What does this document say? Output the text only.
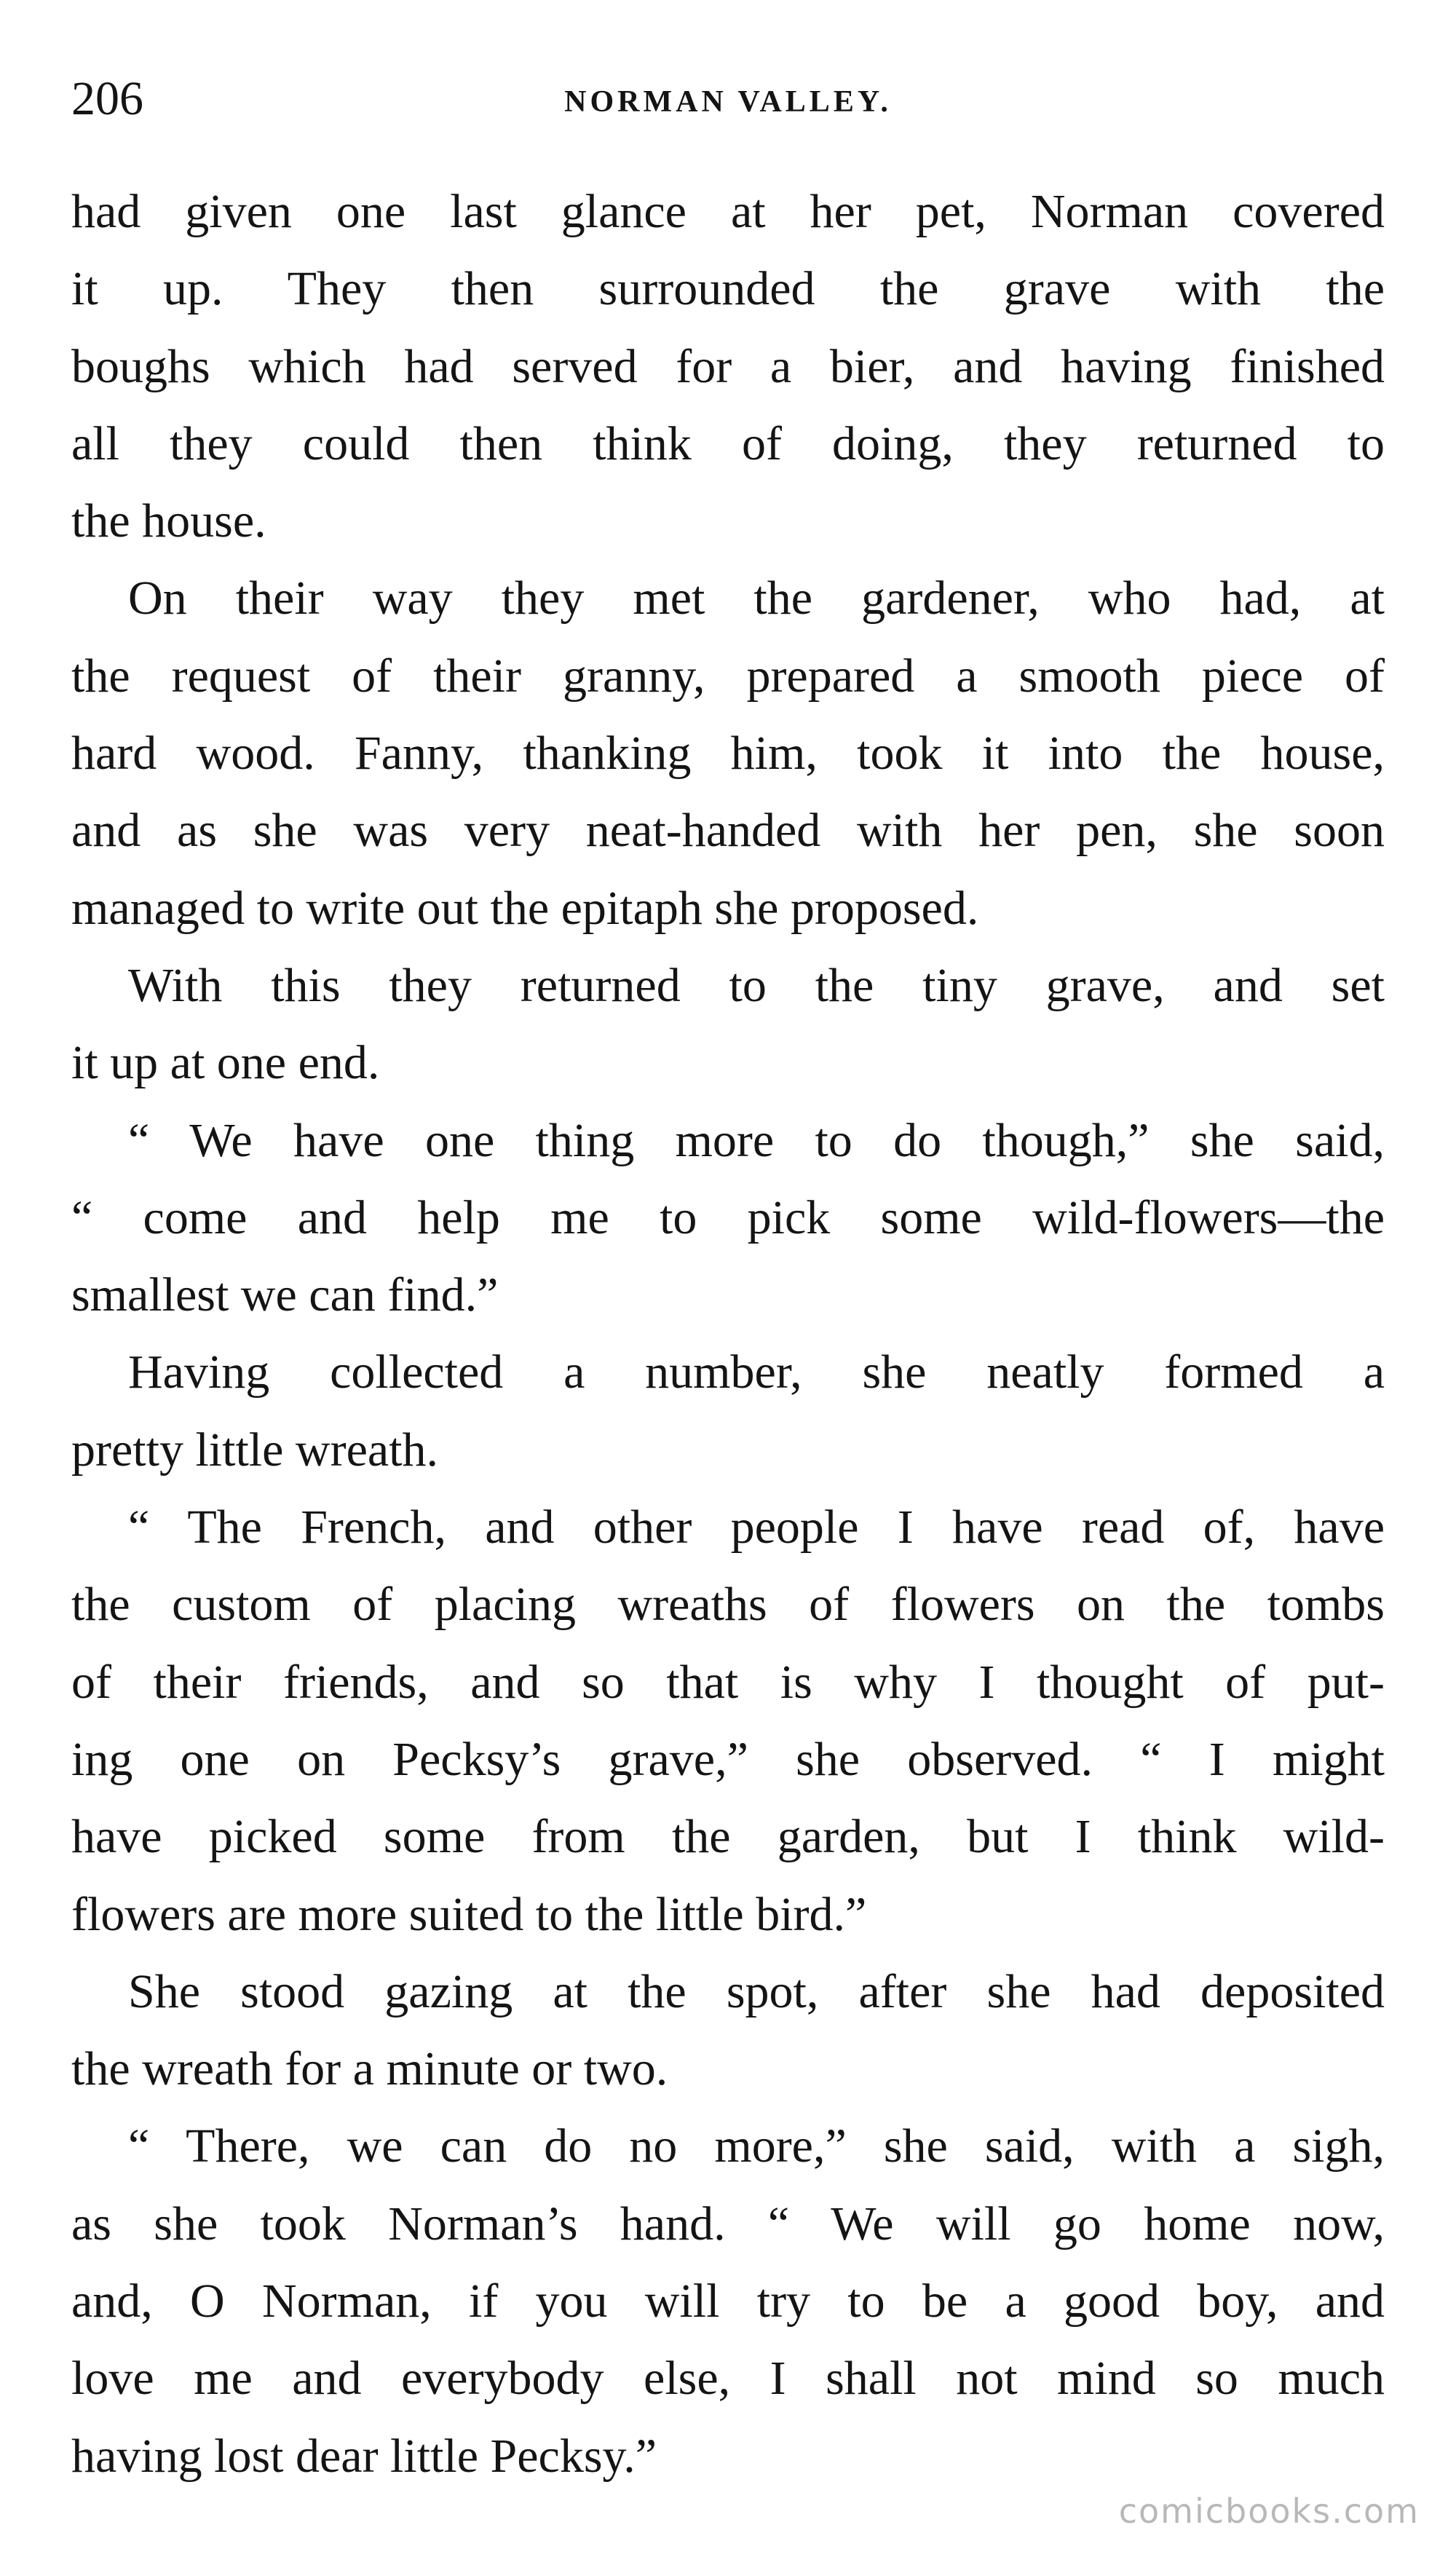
206	NORMAN VALLEY.
had given one last glance at her pet, Norman covered
it up. They then surrounded the grave with the
boughs which had served for a bier, and having finished
all they could then think of doing, they returned to
the house.
On their way they met the gardener, who had, at
the request of their granny, prepared a smooth piece of
hard wood. Fanny, thanking him, took it into the house,
and as she was very neat-handed with her pen, she soon
managed to write out the epitaph she proposed.
With this they returned to the tiny grave, and set
it up at one end.
“ We have one thing more to do though,” she said,
“ come and help me to pick some wild-flowers—the
smallest we can find.”
Having collected a number, she neatly formed a
pretty little wreath.
“ The French, and other people I have read of, have
the custom of placing wreaths of flowers on the tombs
of their friends, and so that is why I thought of put-
ing one on Pecksy’s grave,” she observed. “ I might
have picked some from the garden, but I think wild-
flowers are more suited to the little bird.”
She stood gazing at the spot, after she had deposited
the wreath for a minute or two.
“ There, we can do no more,” she said, with a sigh,
as she took Norman’s hand. “ We will go home now,
and, O Norman, if you will try to be a good boy, and
love me and everybody else, I shall not mind so much
having lost dear little Pecksy.”
comicbooks.com
